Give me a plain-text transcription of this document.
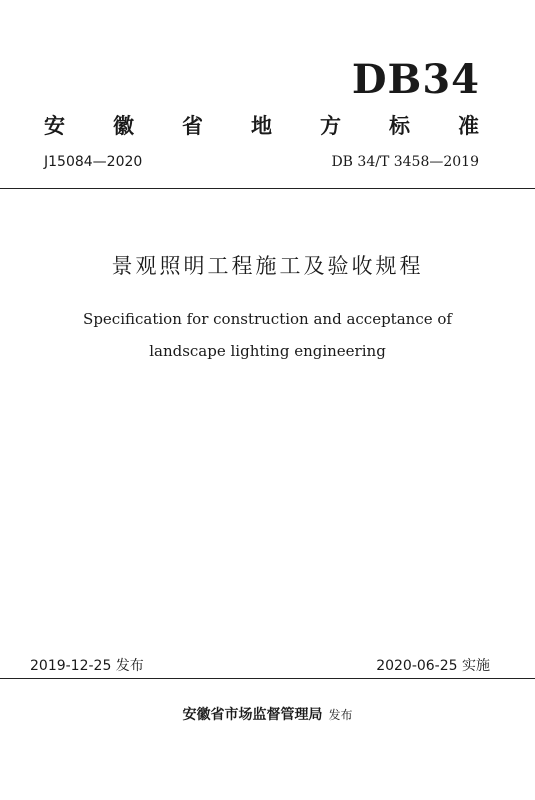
DB34
安 徽 省 地 方 标 准
J15084—2020	DB 34/T 3458—2019
景观照明工程施工及验收规程
Specification for construction and acceptance of
landscape lighting engineering
2019-12-25 发布	2020-06-25 实施
安徽省市场监督管理局 发布
